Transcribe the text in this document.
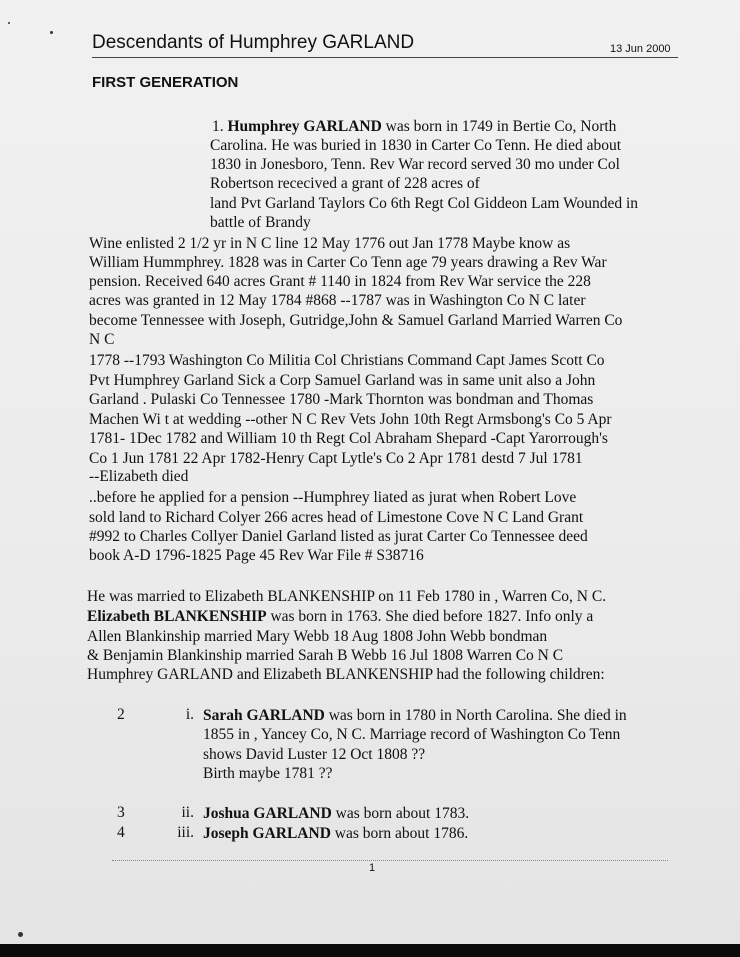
Descendants of Humphrey GARLAND	13 Jun 2000
FIRST GENERATION
1. Humphrey GARLAND was born in 1749 in Bertie Co, North
Carolina. He was buried in 1830 in Carter Co Tenn. He died about
1830 in Jonesboro, Tenn. Rev War record served 30 mo under Col
Robertson rececived a grant of 228 acres of
land Pvt Garland Taylors Co 6th Regt Col Giddeon Lam Wounded in
battle of Brandy
Wine enlisted 2 1/2 yr in N C line 12 May 1776 out Jan 1778 Maybe know as
William Hummphrey. 1828 was in Carter Co Tenn age 79 years drawing a Rev War
pension. Received 640 acres Grant # 1140 in 1824 from Rev War service the 228
acres was granted in 12 May 1784 #868 --1787 was in Washington Co N C later
become Tennessee with Joseph, Gutridge,John & Samuel Garland Married Warren Co
N C
1778 --1793 Washington Co Militia Col Christians Command Capt James Scott Co
Pvt Humphrey Garland Sick a Corp Samuel Garland was in same unit also a John
Garland . Pulaski Co Tennessee 1780 -Mark Thornton was bondman and Thomas
Machen Wi t at wedding --other N C Rev Vets John 10th Regt Armsbong's Co 5 Apr
1781- 1Dec 1782 and William 10 th Regt Col Abraham Shepard -Capt Yarorrough's
Co 1 Jun 1781 22 Apr 1782-Henry Capt Lytle's Co 2 Apr 1781 destd 7 Jul 1781
--Elizabeth died
..before he applied for a pension --Humphrey liated as jurat when Robert Love
sold land to Richard Colyer 266 acres head of Limestone Cove N C Land Grant
#992 to Charles Collyer Daniel Garland listed as jurat Carter Co Tennessee deed
book A-D 1796-1825 Page 45 Rev War File # S38716
He was married to Elizabeth BLANKENSHIP on 11 Feb 1780 in , Warren Co, N C.
Elizabeth BLANKENSHIP was born in 1763. She died before 1827. Info only a
Allen Blankinship married Mary Webb 18 Aug 1808 John Webb bondman
& Benjamin Blankinship married Sarah B Webb 16 Jul 1808 Warren Co N C
Humphrey GARLAND and Elizabeth BLANKENSHIP had the following children:
2	i. Sarah GARLAND was born in 1780 in North Carolina. She died in
1855 in , Yancey Co, N C. Marriage record of Washington Co Tenn
shows David Luster 12 Oct 1808 ??
Birth maybe 1781 ??
3	ii. Joshua GARLAND was born about 1783.
4	iii. Joseph GARLAND was born about 1786.
1
